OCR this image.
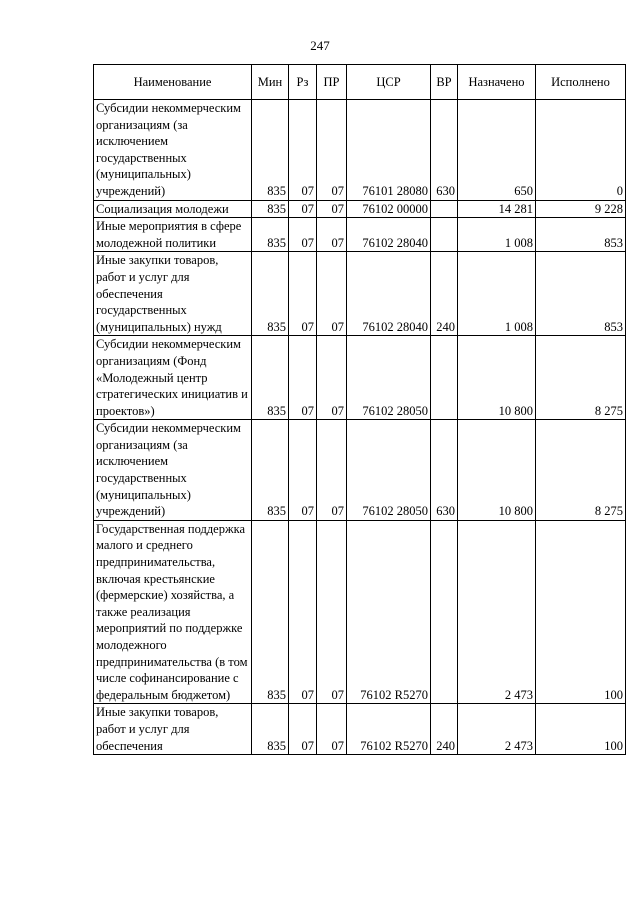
247
Наименование	Мин	Рз	ПР	ЦСР	ВР	Назначено	Исполнено
Субсидии некоммерческим организациям (за исключением государственных (муниципальных) учреждений)	835	07	07	76101 28080	630	650	0
Социализация молодежи	835	07	07	76102 00000		14 281	9 228
Иные мероприятия в сфере молодежной политики	835	07	07	76102 28040		1 008	853
Иные закупки товаров, работ и услуг для обеспечения государственных (муниципальных) нужд	835	07	07	76102 28040	240	1 008	853
Субсидии некоммерческим организациям (Фонд «Молодежный центр стратегических инициатив и проектов»)	835	07	07	76102 28050		10 800	8 275
Субсидии некоммерческим организациям (за исключением государственных (муниципальных) учреждений)	835	07	07	76102 28050	630	10 800	8 275
Государственная поддержка малого и среднего предпринимательства, включая крестьянские (фермерские) хозяйства, а также реализация мероприятий по поддержке молодежного предпринимательства (в том числе софинансирование с федеральным бюджетом)	835	07	07	76102 R5270		2 473	100
Иные закупки товаров, работ и услуг для обеспечения	835	07	07	76102 R5270	240	2 473	100
